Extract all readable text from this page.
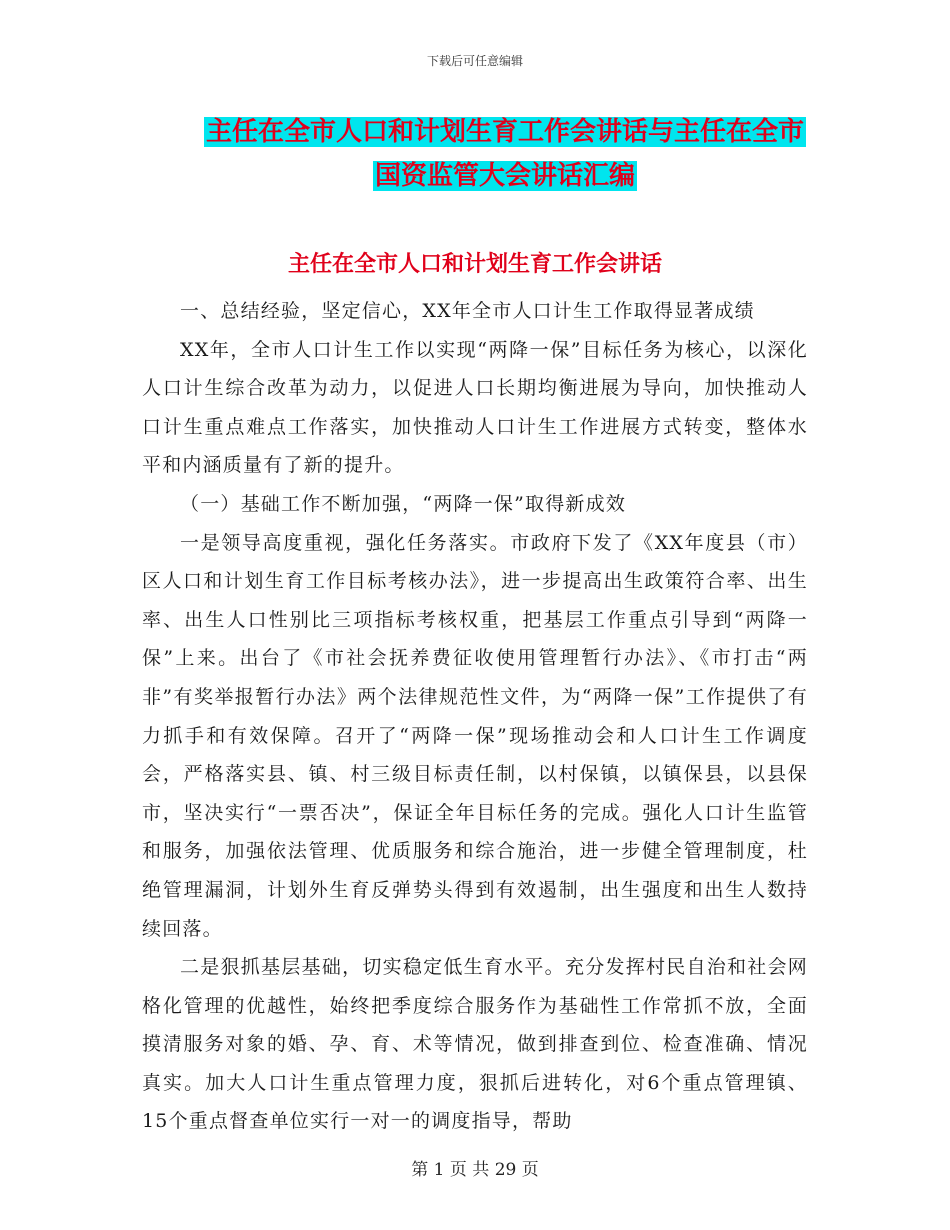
下载后可任意编辑
主任在全市人口和计划生育工作会讲话与主任在全市
国资监管大会讲话汇编
主任在全市人口和计划生育工作会讲话

一、总结经验，坚定信心，XX年全市人口计生工作取得显著成绩

XX年，全市人口计生工作以实现“两降一保”目标任务为核心，以深化人口计生综合改革为动力，以促进人口长期均衡进展为导向，加快推动人口计生重点难点工作落实，加快推动人口计生工作进展方式转变，整体水平和内涵质量有了新的提升。

（一）基础工作不断加强，“两降一保”取得新成效

一是领导高度重视，强化任务落实。市政府下发了《XX年度县（市）区人口和计划生育工作目标考核办法》，进一步提高出生政策符合率、出生率、出生人口性别比三项指标考核权重，把基层工作重点引导到“两降一保”上来。出台了《市社会抚养费征收使用管理暂行办法》、《市打击“两非”有奖举报暂行办法》两个法律规范性文件，为“两降一保”工作提供了有力抓手和有效保障。召开了“两降一保”现场推动会和人口计生工作调度会，严格落实县、镇、村三级目标责任制，以村保镇，以镇保县，以县保市，坚决实行“一票否决”，保证全年目标任务的完成。强化人口计生监管和服务，加强依法管理、优质服务和综合施治，进一步健全管理制度，杜绝管理漏洞，计划外生育反弹势头得到有效遏制，出生强度和出生人数持续回落。

二是狠抓基层基础，切实稳定低生育水平。充分发挥村民自治和社会网格化管理的优越性，始终把季度综合服务作为基础性工作常抓不放，全面摸清服务对象的婚、孕、育、术等情况，做到排查到位、检查准确、情况真实。加大人口计生重点管理力度，狠抓后进转化，对6个重点管理镇、15个重点督查单位实行一对一的调度指导，帮助

第 1 页 共 29 页
